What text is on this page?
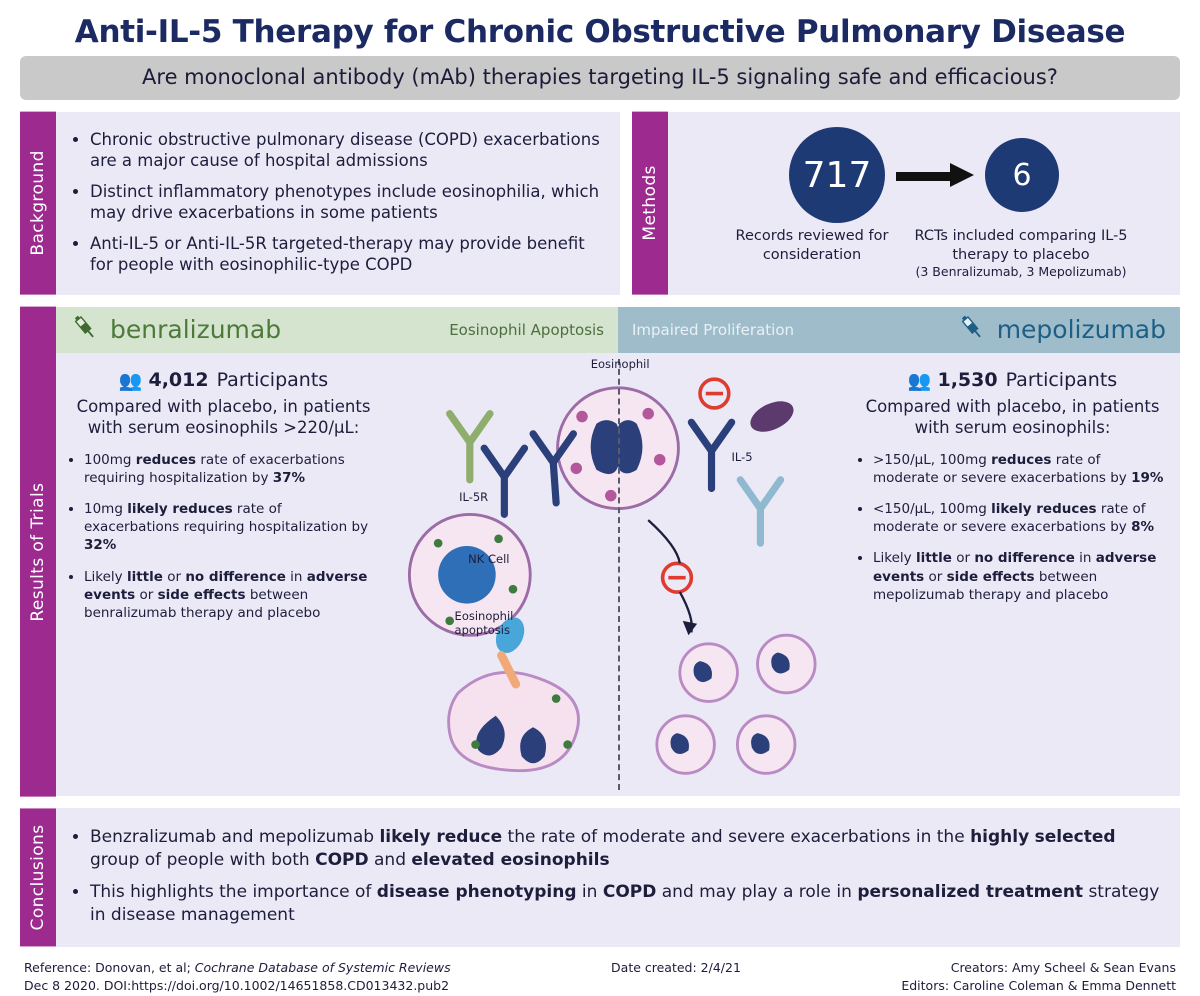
Anti-IL-5 Therapy for Chronic Obstructive Pulmonary Disease
Are monoclonal antibody (mAb) therapies targeting IL-5 signaling safe and efficacious?
Background
• Chronic obstructive pulmonary disease (COPD) exacerbations are a major cause of hospital admissions
• Distinct inflammatory phenotypes include eosinophilia, which may drive exacerbations in some patients
• Anti-IL-5 or Anti-IL-5R targeted-therapy may provide benefit for people with eosinophilic-type COPD
Methods	717	6
Records reviewed for consideration
RCTs included comparing IL-5 therapy to placebo
(3 Benralizumab, 3 Mepolizumab)
Results of Trials
benralizumab	Eosinophil Apoptosis Impaired Proliferation	mepolizumab
👥 4,012 Participants
Compared with placebo, in patients with serum eosinophils >220/µL:
• 100mg reduces rate of exacerbations requiring hospitalization by 37%
• 10mg likely reduces rate of exacerbations requiring hospitalization by 32%
• Likely little or no difference in adverse events or side effects between benralizumab therapy and placebo
Eosinophil
IL-5
IL-5R
NK Cell
Eosinophil apoptosis
👥 1,530 Participants
Compared with placebo, in patients with serum eosinophils:
• >150/µL, 100mg reduces rate of moderate or severe exacerbations by 19%
• <150/µL, 100mg likely reduces rate of moderate or severe exacerbations by 8%
• Likely little or no difference in adverse events or side effects between mepolizumab therapy and placebo
Conclusions	• Benzralizumab and mepolizumab likely reduce the rate of moderate and severe exacerbations in the highly selected group of people with both COPD and elevated eosinophils
• This highlights the importance of disease phenotyping in COPD and may play a role in personalized treatment strategy in disease management
Reference: Donovan, et al; Cochrane Database of Systemic Reviews
Dec 8 2020. DOI:https://doi.org/10.1002/14651858.CD013432.pub2
Date created: 2/4/21	Creators: Amy Scheel & Sean Evans
Editors: Caroline Coleman & Emma Dennett
